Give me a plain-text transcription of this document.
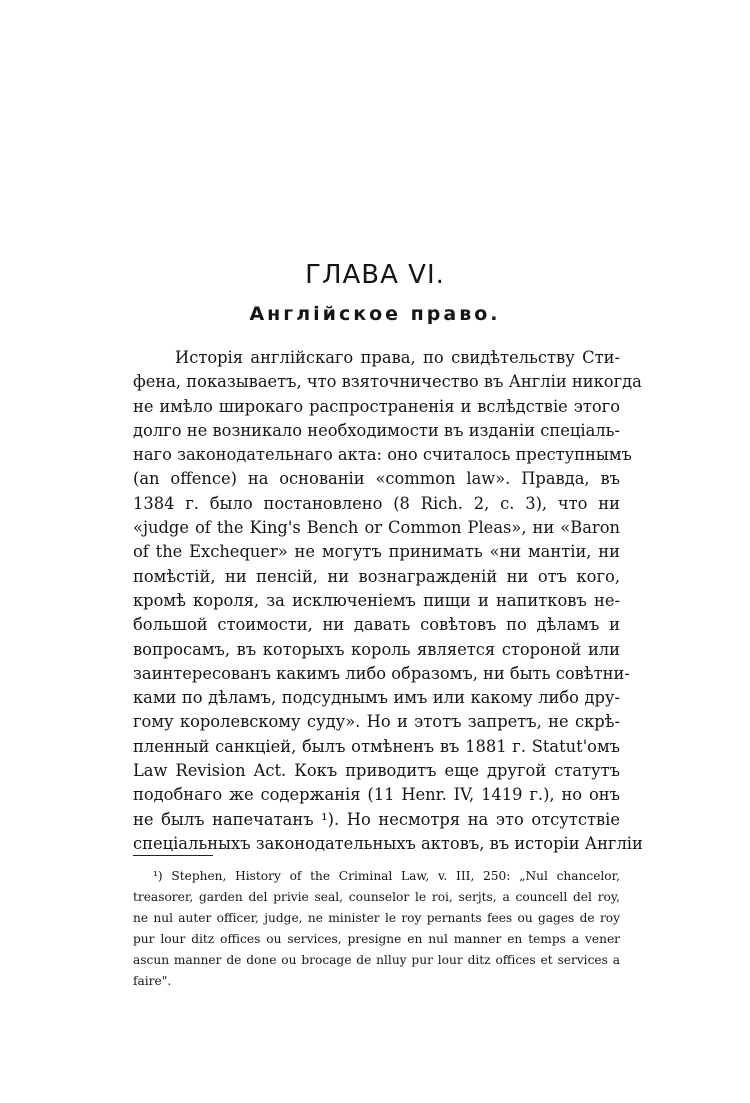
ГЛАВА VI.
Англійское право.
Исторія англійскаго права, по свидѣтельству Сти-
фена, показываетъ, что взяточничество въ Англіи никогда
не имѣло широкаго распространенія и вслѣдствіе этого
долго не возникало необходимости въ изданіи спеціаль-
наго законодательнаго акта: оно считалось преступнымъ
(an offence) на основаніи «common law». Правда, въ
1384 г. было постановлено (8 Rich. 2, c. 3), что ни
«judge of the King's Bench or Common Pleas», ни «Baron
of the Exchequer» не могутъ принимать «ни мантіи, ни
помѣстій, ни пенсій, ни вознагражденій ни отъ кого,
кромѣ короля, за исключеніемъ пищи и напитковъ не-
большой стоимости, ни давать совѣтовъ по дѣламъ и
вопросамъ, въ которыхъ король является стороной или
заинтересованъ какимъ либо образомъ, ни быть совѣтни-
ками по дѣламъ, подсуднымъ имъ или какому либо дру-
гому королевскому суду». Но и этотъ запретъ, не скрѣ-
пленный санкціей, былъ отмѣненъ въ 1881 г. Statut'омъ
Law Revision Act. Кокъ приводитъ еще другой статутъ
подобнаго же содержанія (11 Henr. IV, 1419 г.), но онъ
не былъ напечатанъ ¹). Но несмотря на это отсутствіе
спеціальныхъ законодательныхъ актовъ, въ исторіи Англіи
¹) Stephen, History of the Criminal Law, v. III, 250: „Nul chancelor,
treasorer, garden del privie seal, counselor le roi, serjts, a councell del roy,
ne nul auter officer, judge, ne minister le roy pernants fees ou gages de roy
pur lour ditz offices ou services, presigne en nul manner en temps a vener
ascun manner de done ou brocage de nlluy pur lour ditz offices et services a
faire".
